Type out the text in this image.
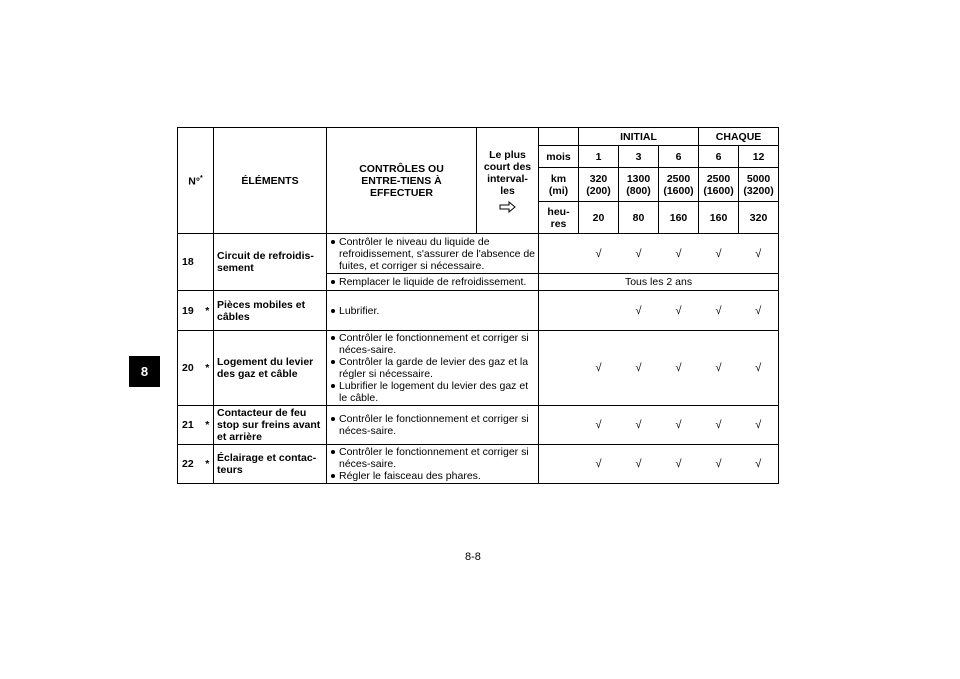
8
N°*		ÉLÉMENTS	CONTRÔLES OU ENTRE-TIENS À EFFECTUER	Le plus court des interval-les		INITIAL			CHAQUE	
					mois	1	3	6	6	12
					km (mi)	320 (200)	1300 (800)	2500 (1600)	2500 (1600)	5000 (3200)
					heu-res	20	80	160	160	320
18		Circuit de refroidis-sement	Contrôler le niveau du liquide de refroidissement, s'assurer de l'absence de fuites, et corriger si nécessaire.			√	√	√	√	√

			Remplacer le liquide de refroidissement.		Tous les 2 ans					
19	*	Pièces mobiles et câbles	Lubrifier.				√	√	√	√
20	*	Logement du levier des gaz et câble	Contrôler le fonctionnement et corriger si néces-saire.
Contrôler la garde de levier des gaz et la régler si nécessaire.
Lubrifier le logement du levier des gaz et le câble.			√	√	√	√	√
21	*	Contacteur de feu stop sur freins avant et arrière	Contrôler le fonctionnement et corriger si néces-saire.			√	√	√	√	√
22	*	Éclairage et contac-teurs	Contrôler le fonctionnement et corriger si néces-saire.
Régler le faisceau des phares.			√	√	√	√	√
8-8
